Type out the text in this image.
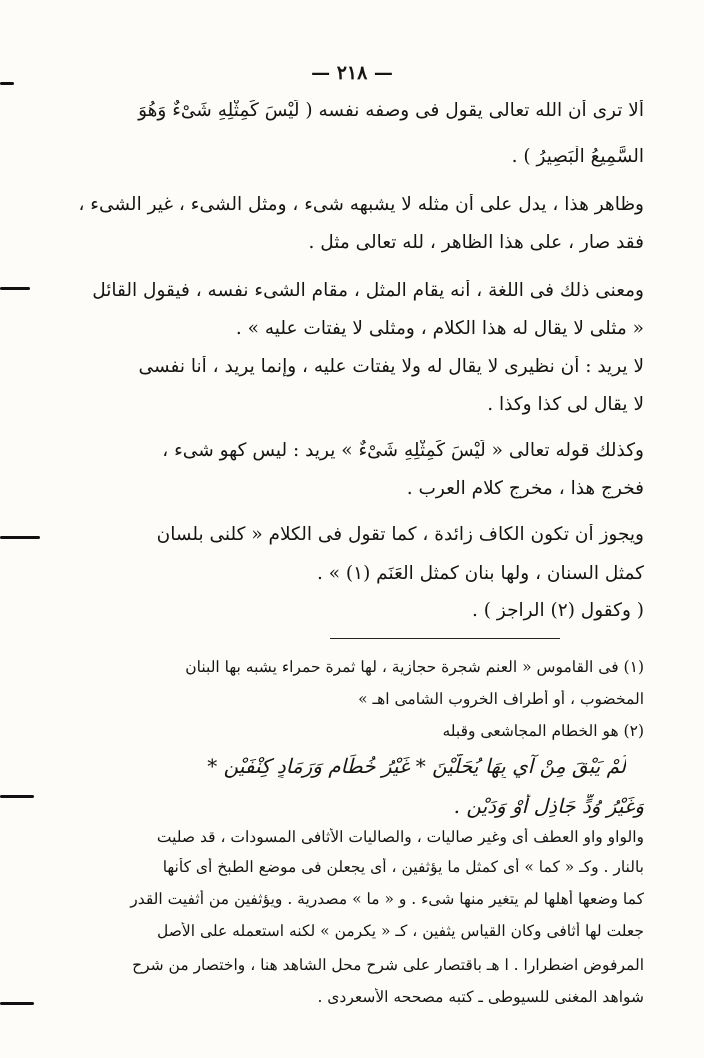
— ٢١٨ —
ألا ترى أن الله تعالى يقول فى وصفه نفسه ( لَيْسَ كَمِثْلِهِ شَىْءٌ وَهُوَ
السَّمِيعُ الْبَصِيرُ ) .
وظاهر هذا ، يدل على أن مثله لا يشبهه شىء ، ومثل الشىء ، غير الشىء ،
فقد صار ، على هذا الظاهر ، لله تعالى مثل .
ومعنى ذلك فى اللغة ، أنه يقام المثل ، مقام الشىء نفسه ، فيقول القائل
« مثلى لا يقال له هذا الكلام ، ومثلى لا يفتات عليه » .
لا يريد : أن نظيرى لا يقال له ولا يفتات عليه ، وإنما يريد ، أنا نفسى
لا يقال لى كذا وكذا .
وكذلك قوله تعالى « لَيْسَ كَمِثْلِهِ شَىْءٌ » يريد : ليس كهو شىء ،
فخرج هذا ، مخرج كلام العرب .
ويجوز أن تكون الكاف زائدة ، كما تقول فى الكلام « كلنى بلسان
كمثل السنان ، ولها بنان كمثل العَنَمِ (١) » .
( وكقول (٢) الراجز ) .
(١) فى القاموس « العنم شجرة حجازية ، لها ثمرة حمراء يشبه بها البنان
المخضوب ، أو أطراف الخروب الشامى اهـ »
(٢) هو الخطام المجاشعى وقبله
لَمْ يَبْقَ مِنْ آيٍ بِهَا يُحَلَّيْنَ * غَيْرُ خُطَامٍ وَرَمَادٍ كِنْفَيْنِ *
وَغَيْرُ وُدٍّ جَاذِلٍ أَوْ وَدَيْنِ .
والواو واو العطف أى وغير صاليات ، والصاليات الأثافى المسودات ، قد صليت
بالنار . وكـ « كما » أى كمثل ما يؤثفين ، أى يجعلن فى موضع الطبخ أى كأنها
كما وضعها أهلها لم يتغير منها شىء . و « ما » مصدرية . ويؤثفين من أثفيت القدر
جعلت لها أثافى وكان القياس يثفين ، كـ « يكرمن » لكنه استعمله على الأصل
المرفوض اضطرارا . ا هـ باقتصار على شرح محل الشاهد هنا ، واختصار من شرح
شواهد المغنى للسيوطى ـ كتبه مصححه الأسعردى .
